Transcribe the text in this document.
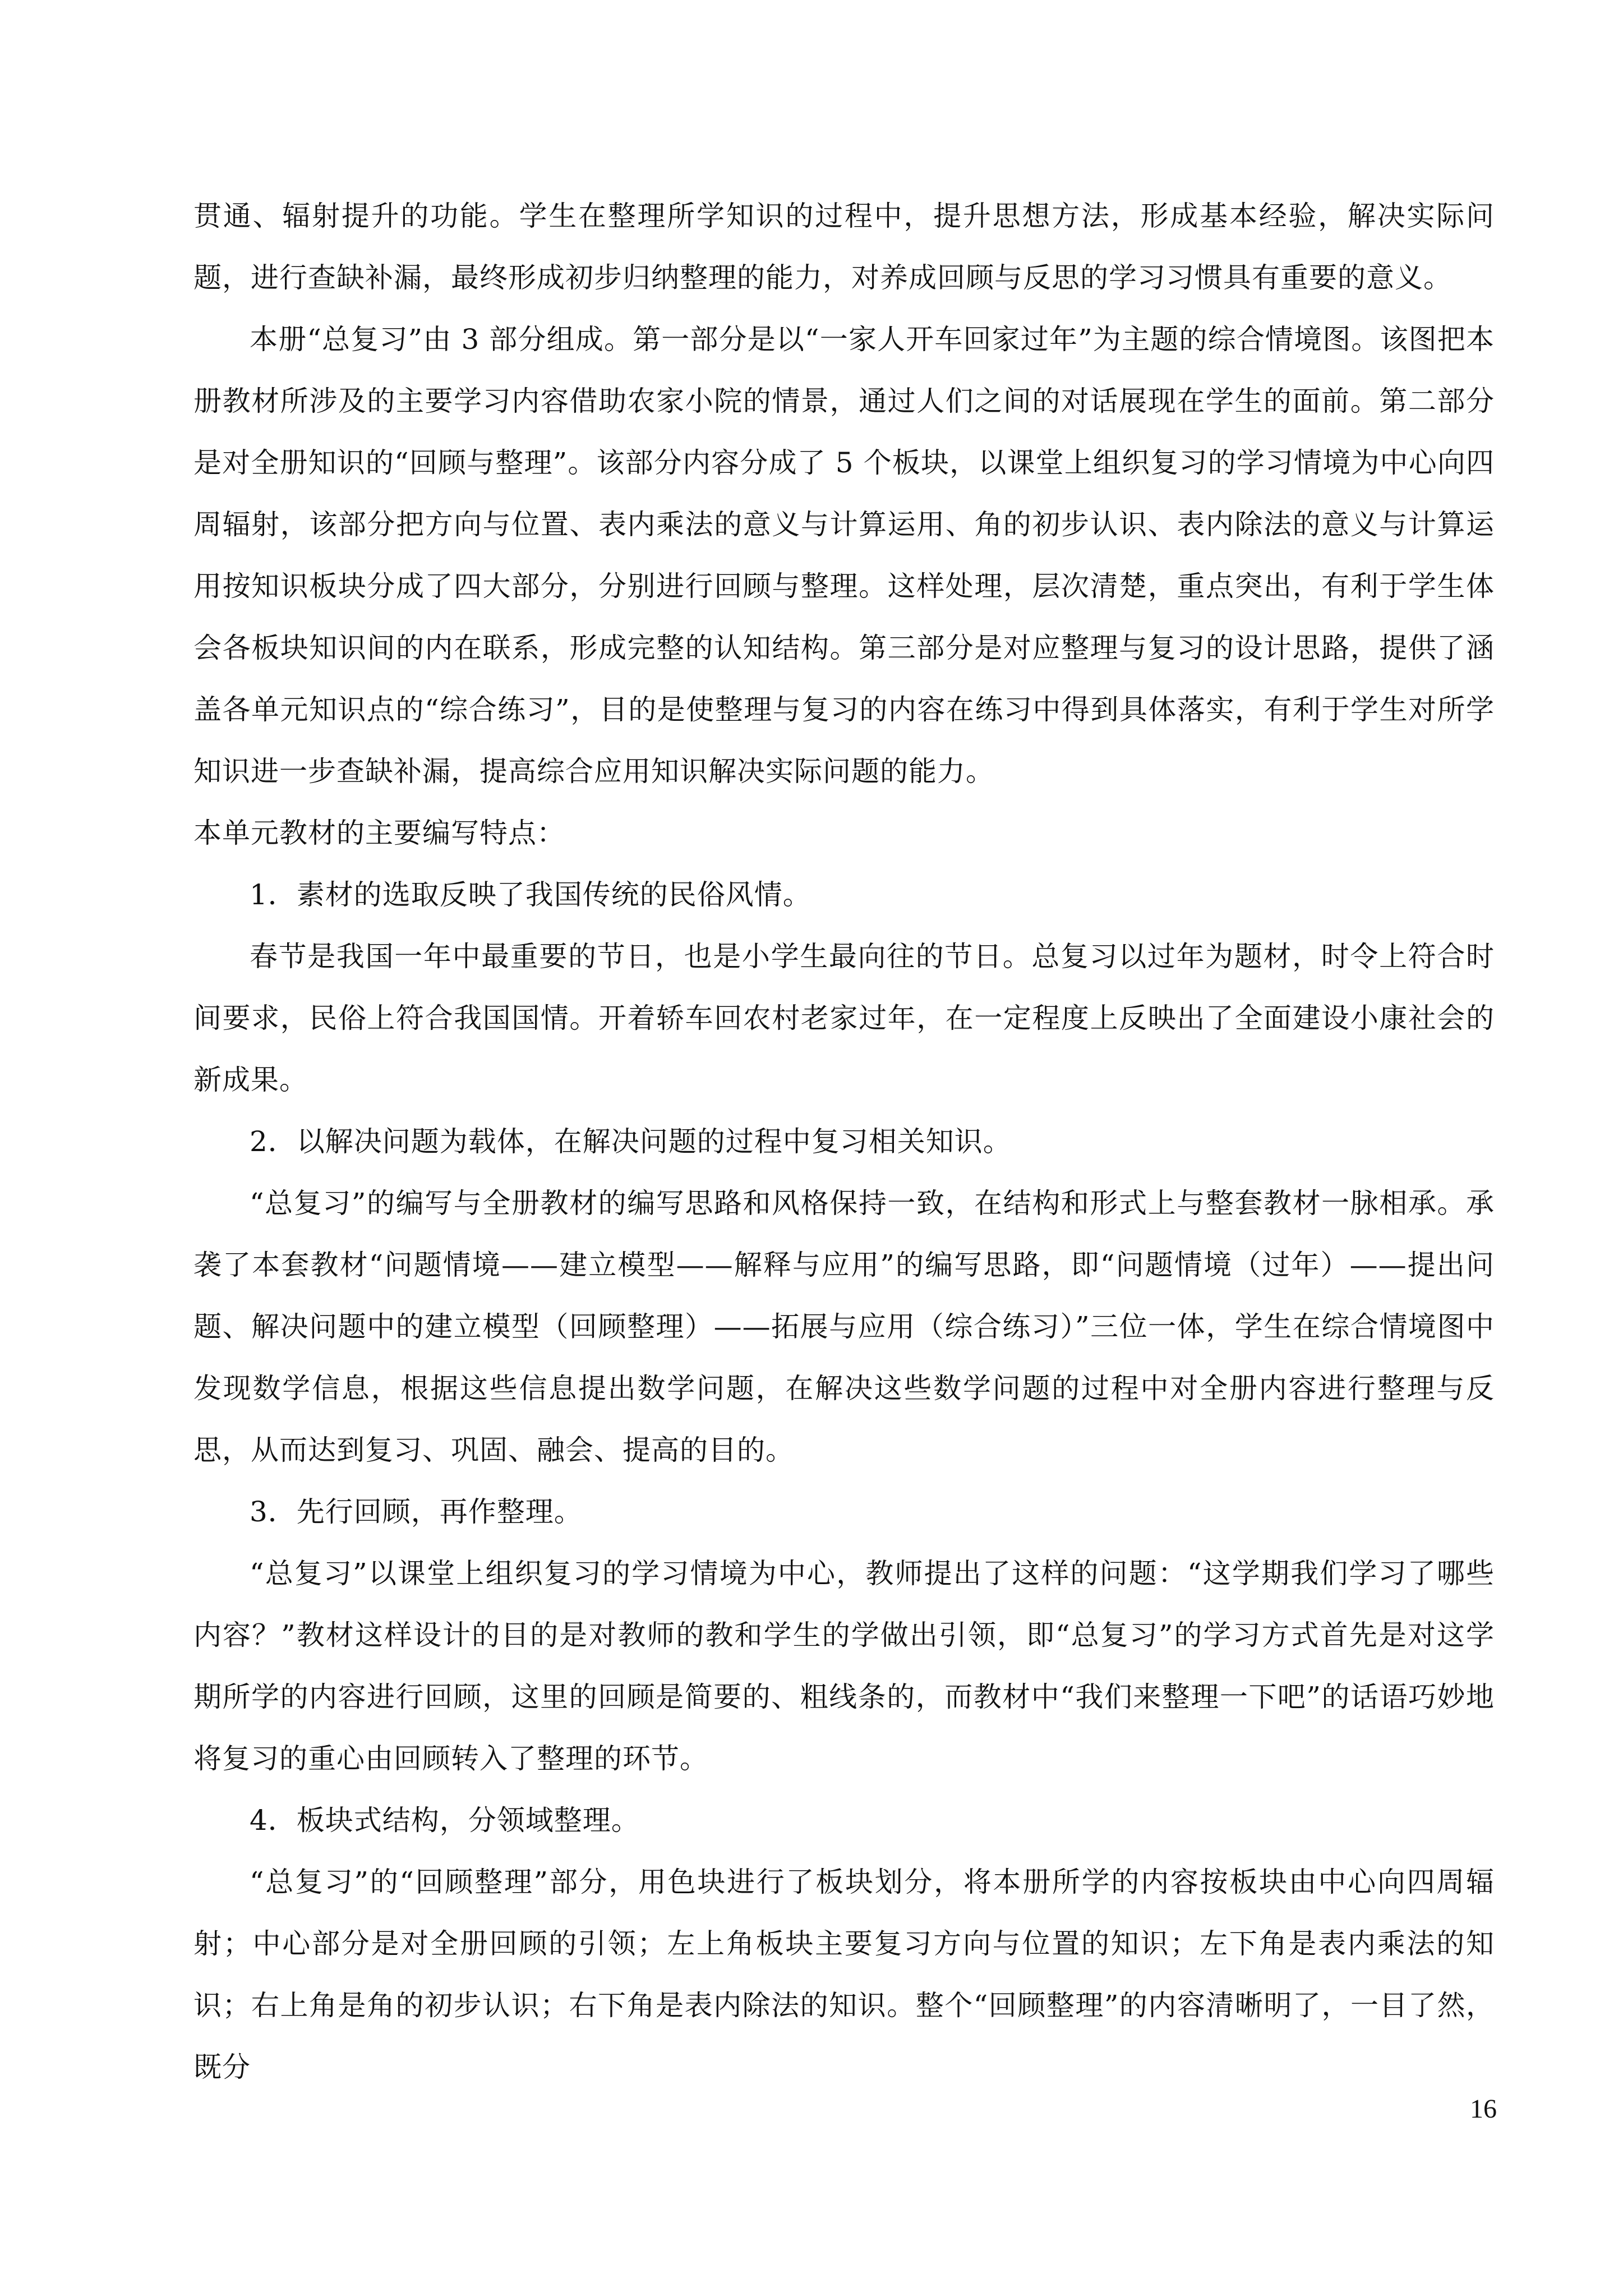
贯通、辐射提升的功能。学生在整理所学知识的过程中，提升思想方法，形成基本经验，解决实际问题，进行查缺补漏，最终形成初步归纳整理的能力，对养成回顾与反思的学习习惯具有重要的意义。

本册“总复习”由 3 部分组成。第一部分是以“一家人开车回家过年”为主题的综合情境图。该图把本册教材所涉及的主要学习内容借助农家小院的情景，通过人们之间的对话展现在学生的面前。第二部分是对全册知识的“回顾与整理”。该部分内容分成了 5 个板块，以课堂上组织复习的学习情境为中心向四周辐射，该部分把方向与位置、表内乘法的意义与计算运用、角的初步认识、表内除法的意义与计算运用按知识板块分成了四大部分，分别进行回顾与整理。这样处理，层次清楚，重点突出，有利于学生体会各板块知识间的内在联系，形成完整的认知结构。第三部分是对应整理与复习的设计思路，提供了涵盖各单元知识点的“综合练习”，目的是使整理与复习的内容在练习中得到具体落实，有利于学生对所学知识进一步查缺补漏，提高综合应用知识解决实际问题的能力。

本单元教材的主要编写特点：

1．素材的选取反映了我国传统的民俗风情。

春节是我国一年中最重要的节日，也是小学生最向往的节日。总复习以过年为题材，时令上符合时间要求，民俗上符合我国国情。开着轿车回农村老家过年，在一定程度上反映出了全面建设小康社会的新成果。

2．以解决问题为载体，在解决问题的过程中复习相关知识。

“总复习”的编写与全册教材的编写思路和风格保持一致，在结构和形式上与整套教材一脉相承。承袭了本套教材“问题情境——建立模型——解释与应用”的编写思路，即“问题情境（过年）——提出问题、解决问题中的建立模型（回顾整理）——拓展与应用（综合练习）”三位一体，学生在综合情境图中发现数学信息，根据这些信息提出数学问题，在解决这些数学问题的过程中对全册内容进行整理与反思，从而达到复习、巩固、融会、提高的目的。

3．先行回顾，再作整理。

“总复习”以课堂上组织复习的学习情境为中心，教师提出了这样的问题：“这学期我们学习了哪些内容？”教材这样设计的目的是对教师的教和学生的学做出引领，即“总复习”的学习方式首先是对这学期所学的内容进行回顾，这里的回顾是简要的、粗线条的，而教材中“我们来整理一下吧”的话语巧妙地将复习的重心由回顾转入了整理的环节。

4．板块式结构，分领域整理。

“总复习”的“回顾整理”部分，用色块进行了板块划分，将本册所学的内容按板块由中心向四周辐射；中心部分是对全册回顾的引领；左上角板块主要复习方向与位置的知识；左下角是表内乘法的知识；右上角是角的初步认识；右下角是表内除法的知识。整个“回顾整理”的内容清晰明了，一目了然，既分

16
